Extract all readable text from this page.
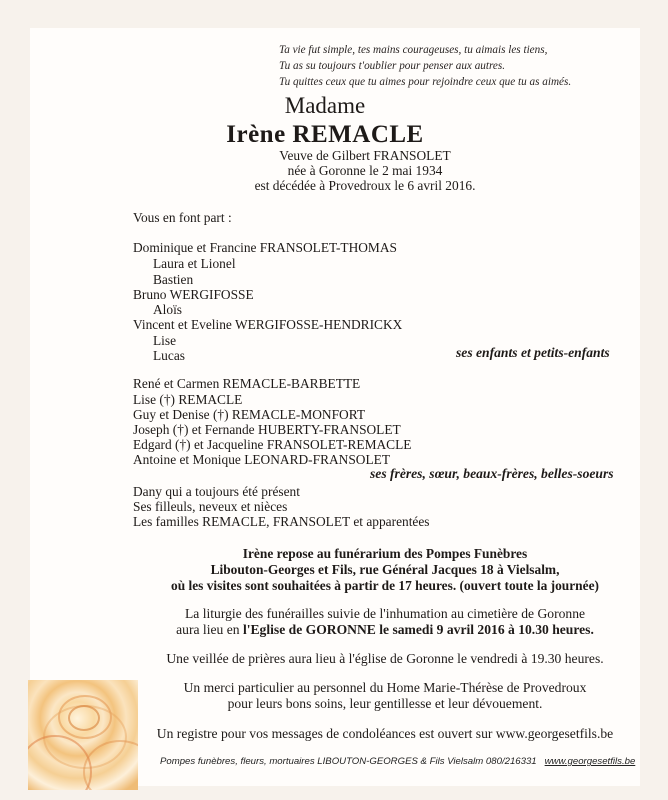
Ta vie fut simple, tes mains courageuses, tu aimais les tiens,
Tu as su toujours t'oublier pour penser aux autres.
Tu quittes ceux que tu aimes pour rejoindre ceux que tu as aimés.
Madame
Irène REMACLE
Veuve de Gilbert FRANSOLET
née à Goronne le 2 mai 1934
est décédée à Provedroux le 6 avril 2016.
Vous en font part :
Dominique et Francine FRANSOLET-THOMAS
Laura et Lionel
Bastien
Bruno WERGIFOSSE
Aloïs
Vincent et Eveline WERGIFOSSE-HENDRICKX
Lise
Lucas	ses enfants et petits-enfants
René et Carmen REMACLE-BARBETTE
Lise (†) REMACLE
Guy et Denise (†) REMACLE-MONFORT
Joseph (†) et Fernande HUBERTY-FRANSOLET
Edgard (†) et Jacqueline FRANSOLET-REMACLE
Antoine et Monique LEONARD-FRANSOLET
ses frères, sœur, beaux-frères, belles-soeurs
Dany qui a toujours été présent
Ses filleuls, neveux et nièces
Les familles REMACLE, FRANSOLET et apparentées
Irène repose au funérarium des Pompes Funèbres
Libouton-Georges et Fils, rue Général Jacques 18 à Vielsalm,
où les visites sont souhaitées à partir de 17 heures. (ouvert toute la journée)
La liturgie des funérailles suivie de l'inhumation au cimetière de Goronne
aura lieu en l'Eglise de GORONNE le samedi 9 avril 2016 à 10.30 heures.
Une veillée de prières aura lieu à l'église de Goronne le vendredi à 19.30 heures.
Un merci particulier au personnel du Home Marie-Thérèse de Provedroux
pour leurs bons soins, leur gentillesse et leur dévouement.
Un registre pour vos messages de condoléances est ouvert sur www.georgesetfils.be
Pompes funèbres, fleurs, mortuaires LIBOUTON-GEORGES & Fils Vielsalm 080/216331 www.georgesetfils.be
